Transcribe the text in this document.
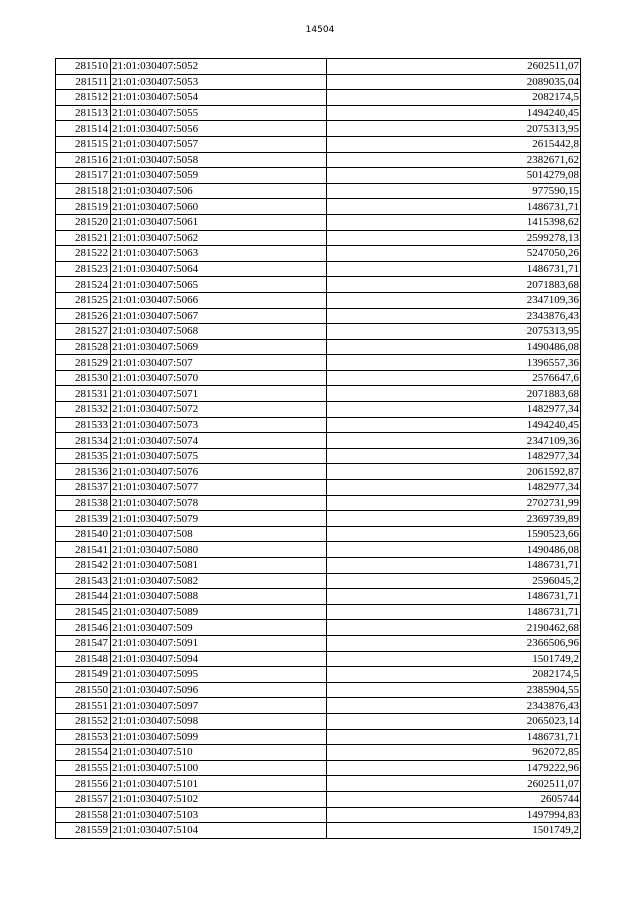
14504
281510	21:01:030407:5052	2602511,07
281511	21:01:030407:5053	2089035,04
281512	21:01:030407:5054	2082174,5
281513	21:01:030407:5055	1494240,45
281514	21:01:030407:5056	2075313,95
281515	21:01:030407:5057	2615442,8
281516	21:01:030407:5058	2382671,62
281517	21:01:030407:5059	5014279,08
281518	21:01:030407:506	977590,15
281519	21:01:030407:5060	1486731,71
281520	21:01:030407:5061	1415398,62
281521	21:01:030407:5062	2599278,13
281522	21:01:030407:5063	5247050,26
281523	21:01:030407:5064	1486731,71
281524	21:01:030407:5065	2071883,68
281525	21:01:030407:5066	2347109,36
281526	21:01:030407:5067	2343876,43
281527	21:01:030407:5068	2075313,95
281528	21:01:030407:5069	1490486,08
281529	21:01:030407:507	1396557,36
281530	21:01:030407:5070	2576647,6
281531	21:01:030407:5071	2071883,68
281532	21:01:030407:5072	1482977,34
281533	21:01:030407:5073	1494240,45
281534	21:01:030407:5074	2347109,36
281535	21:01:030407:5075	1482977,34
281536	21:01:030407:5076	2061592,87
281537	21:01:030407:5077	1482977,34
281538	21:01:030407:5078	2702731,99
281539	21:01:030407:5079	2369739,89
281540	21:01:030407:508	1590523,66
281541	21:01:030407:5080	1490486,08
281542	21:01:030407:5081	1486731,71
281543	21:01:030407:5082	2596045,2
281544	21:01:030407:5088	1486731,71
281545	21:01:030407:5089	1486731,71
281546	21:01:030407:509	2190462,68
281547	21:01:030407:5091	2366506,96
281548	21:01:030407:5094	1501749,2
281549	21:01:030407:5095	2082174,5
281550	21:01:030407:5096	2385904,55
281551	21:01:030407:5097	2343876,43
281552	21:01:030407:5098	2065023,14
281553	21:01:030407:5099	1486731,71
281554	21:01:030407:510	962072,85
281555	21:01:030407:5100	1479222,96
281556	21:01:030407:5101	2602511,07
281557	21:01:030407:5102	2605744
281558	21:01:030407:5103	1497994,83
281559	21:01:030407:5104	1501749,2
